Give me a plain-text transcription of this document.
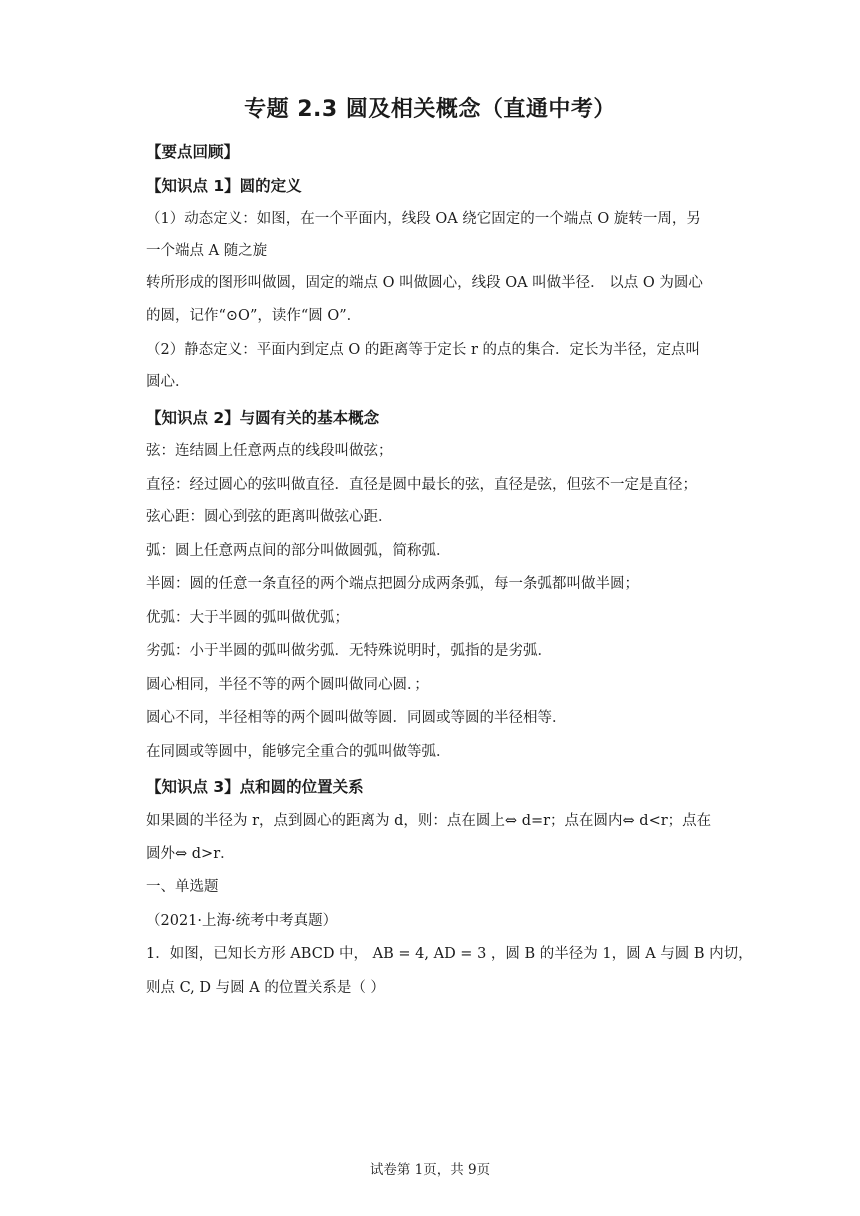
专题 2.3 圆及相关概念（直通中考）
【要点回顾】
【知识点 1】圆的定义
（1）动态定义：如图，在一个平面内，线段 OA 绕它固定的一个端点 O 旋转一周，另
一个端点 A 随之旋
转所形成的图形叫做圆，固定的端点 O 叫做圆心，线段 OA 叫做半径． 以点 O 为圆心
的圆，记作“⊙O”，读作“圆 O”．
（2）静态定义：平面内到定点 O 的距离等于定长 r 的点的集合．定长为半径，定点叫
圆心．
【知识点 2】与圆有关的基本概念
弦：连结圆上任意两点的线段叫做弦；
直径：经过圆心的弦叫做直径．直径是圆中最长的弦，直径是弦，但弦不一定是直径；
弦心距：圆心到弦的距离叫做弦心距．
弧：圆上任意两点间的部分叫做圆弧，简称弧．
半圆：圆的任意一条直径的两个端点把圆分成两条弧，每一条弧都叫做半圆；
优弧：大于半圆的弧叫做优弧；
劣弧：小于半圆的弧叫做劣弧．无特殊说明时，弧指的是劣弧．
圆心相同，半径不等的两个圆叫做同心圆．；
圆心不同，半径相等的两个圆叫做等圆．同圆或等圆的半径相等．
在同圆或等圆中，能够完全重合的弧叫做等弧．
【知识点 3】点和圆的位置关系
如果圆的半径为 r，点到圆心的距离为 d，则：点在圆上⇔ d=r；点在圆内⇔ d<r；点在
圆外⇔ d>r．
一、单选题
（2021·上海·统考中考真题）
1．如图，已知长方形 ABCD 中， AB = 4, AD = 3 ，圆 B 的半径为 1，圆 A 与圆 B 内切，
则点 C, D 与圆 A 的位置关系是（ ）
试卷第 1页，共 9页
